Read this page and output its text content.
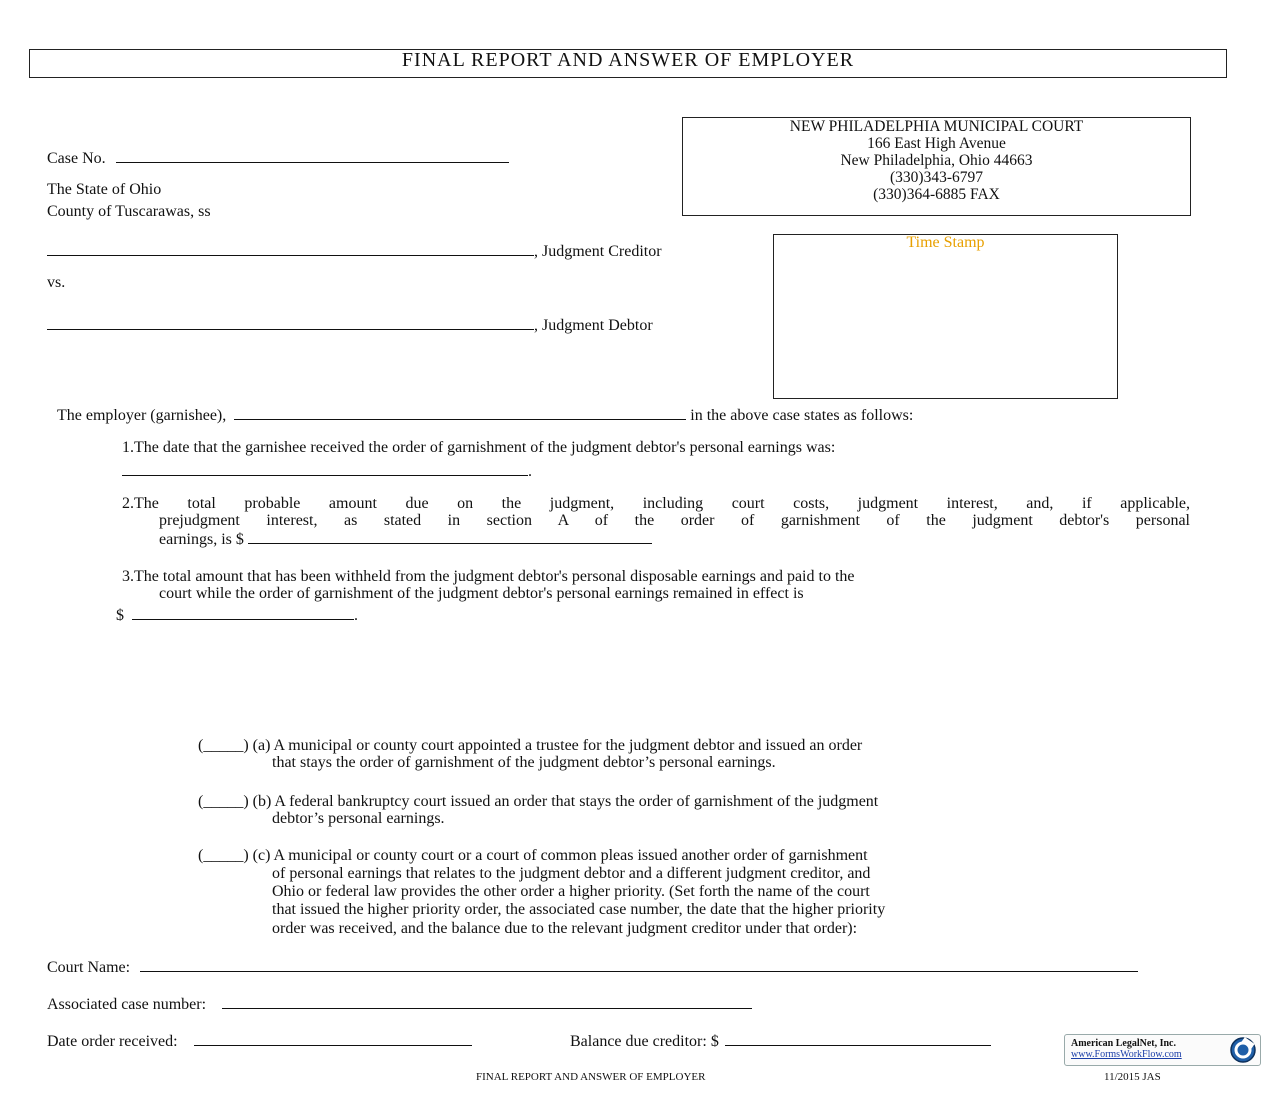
FINAL REPORT AND ANSWER OF EMPLOYER
NEW PHILADELPHIA MUNICIPAL COURT
166 East High Avenue
New Philadelphia, Ohio 44663
(330)343-6797
(330)364-6885 FAX
Case No.
The State of Ohio
County of Tuscarawas, ss
, Judgment Creditor
vs.
, Judgment Debtor
Time Stamp
The employer (garnishee),	in the above case states as follows:
1.The date that the garnishee received the order of garnishment of the judgment debtor's personal earnings was:
.
2.The total probable amount due on the judgment, including court costs, judgment interest, and, if applicable,
prejudgment interest, as stated in section A of the order of garnishment of the judgment debtor's personal
earnings, is $
3.The total amount that has been withheld from the judgment debtor's personal disposable earnings and paid to the
court while the order of garnishment of the judgment debtor's personal earnings remained in effect is
$	.
(_____) (a) A municipal or county court appointed a trustee for the judgment debtor and issued an order
that stays the order of garnishment of the judgment debtor’s personal earnings.
(_____) (b) A federal bankruptcy court issued an order that stays the order of garnishment of the judgment
debtor’s personal earnings.
(_____) (c) A municipal or county court or a court of common pleas issued another order of garnishment
of personal earnings that relates to the judgment debtor and a different judgment creditor, and
Ohio or federal law provides the other order a higher priority. (Set forth the name of the court
that issued the higher priority order, the associated case number, the date that the higher priority
order was received, and the balance due to the relevant judgment creditor under that order):
Court Name:
Associated case number:
Date order received:	Balance due creditor: $	American LegalNet, Inc.
www.FormsWorkFlow.com
FINAL REPORT AND ANSWER OF EMPLOYER	11/2015 JAS
